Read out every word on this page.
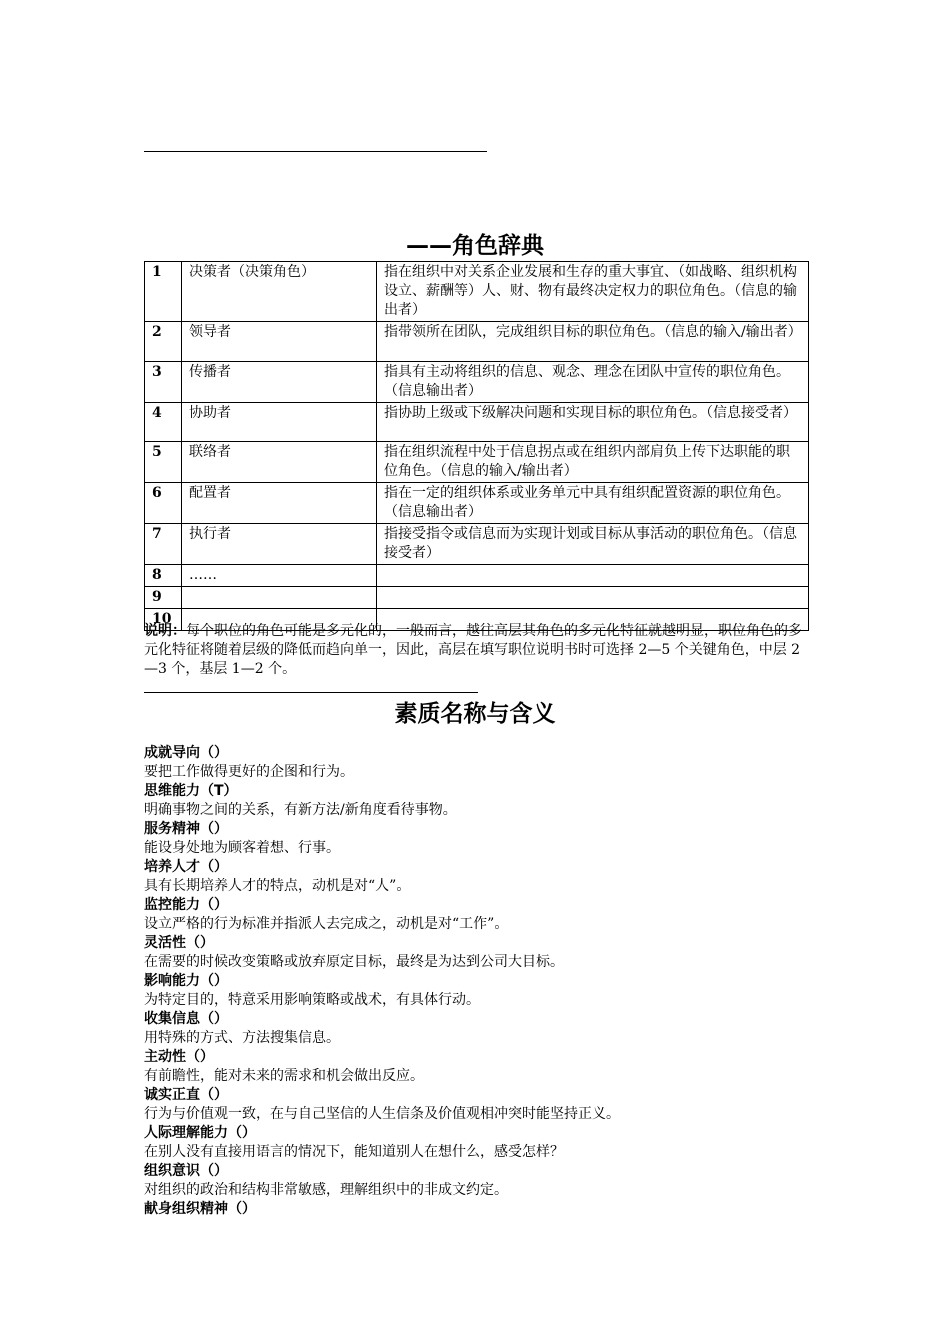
——角色辞典
1	决策者（决策角色）	指在组织中对关系企业发展和生存的重大事宜、（如战略、组织机构设立、薪酬等）人、财、物有最终决定权力的职位角色。（信息的输出者）
2	领导者	指带领所在团队，完成组织目标的职位角色。（信息的输入/输出者）
3	传播者	指具有主动将组织的信息、观念、理念在团队中宣传的职位角色。（信息输出者）
4	协助者	指协助上级或下级解决问题和实现目标的职位角色。（信息接受者）
5	联络者	指在组织流程中处于信息拐点或在组织内部肩负上传下达职能的职位角色。（信息的输入/输出者）
6	配置者	指在一定的组织体系或业务单元中具有组织配置资源的职位角色。（信息输出者）
7	执行者	指接受指令或信息而为实现计划或目标从事活动的职位角色。（信息接受者）
8	……	
9		
10		

说明：每个职位的角色可能是多元化的，一般而言，越往高层其角色的多元化特征就越明显，职位角色的多元化特征将随着层级的降低而趋向单一，因此，高层在填写职位说明书时可选择 2—5 个关键角色，中层 2—3 个，基层 1—2 个。

素质名称与含义
成就导向（）
要把工作做得更好的企图和行为。
思维能力（T）
明确事物之间的关系，有新方法/新角度看待事物。
服务精神（）
能设身处地为顾客着想、行事。
培养人才（）
具有长期培养人才的特点，动机是对“人”。
监控能力（）
设立严格的行为标准并指派人去完成之，动机是对“工作”。
灵活性（）
在需要的时候改变策略或放弃原定目标，最终是为达到公司大目标。
影响能力（）
为特定目的，特意采用影响策略或战术，有具体行动。
收集信息（）
用特殊的方式、方法搜集信息。
主动性（）
有前瞻性，能对未来的需求和机会做出反应。
诚实正直（）
行为与价值观一致，在与自己坚信的人生信条及价值观相冲突时能坚持正义。
人际理解能力（）
在别人没有直接用语言的情况下，能知道别人在想什么，感受怎样？
组织意识（）
对组织的政治和结构非常敏感，理解组织中的非成文约定。
献身组织精神（）
